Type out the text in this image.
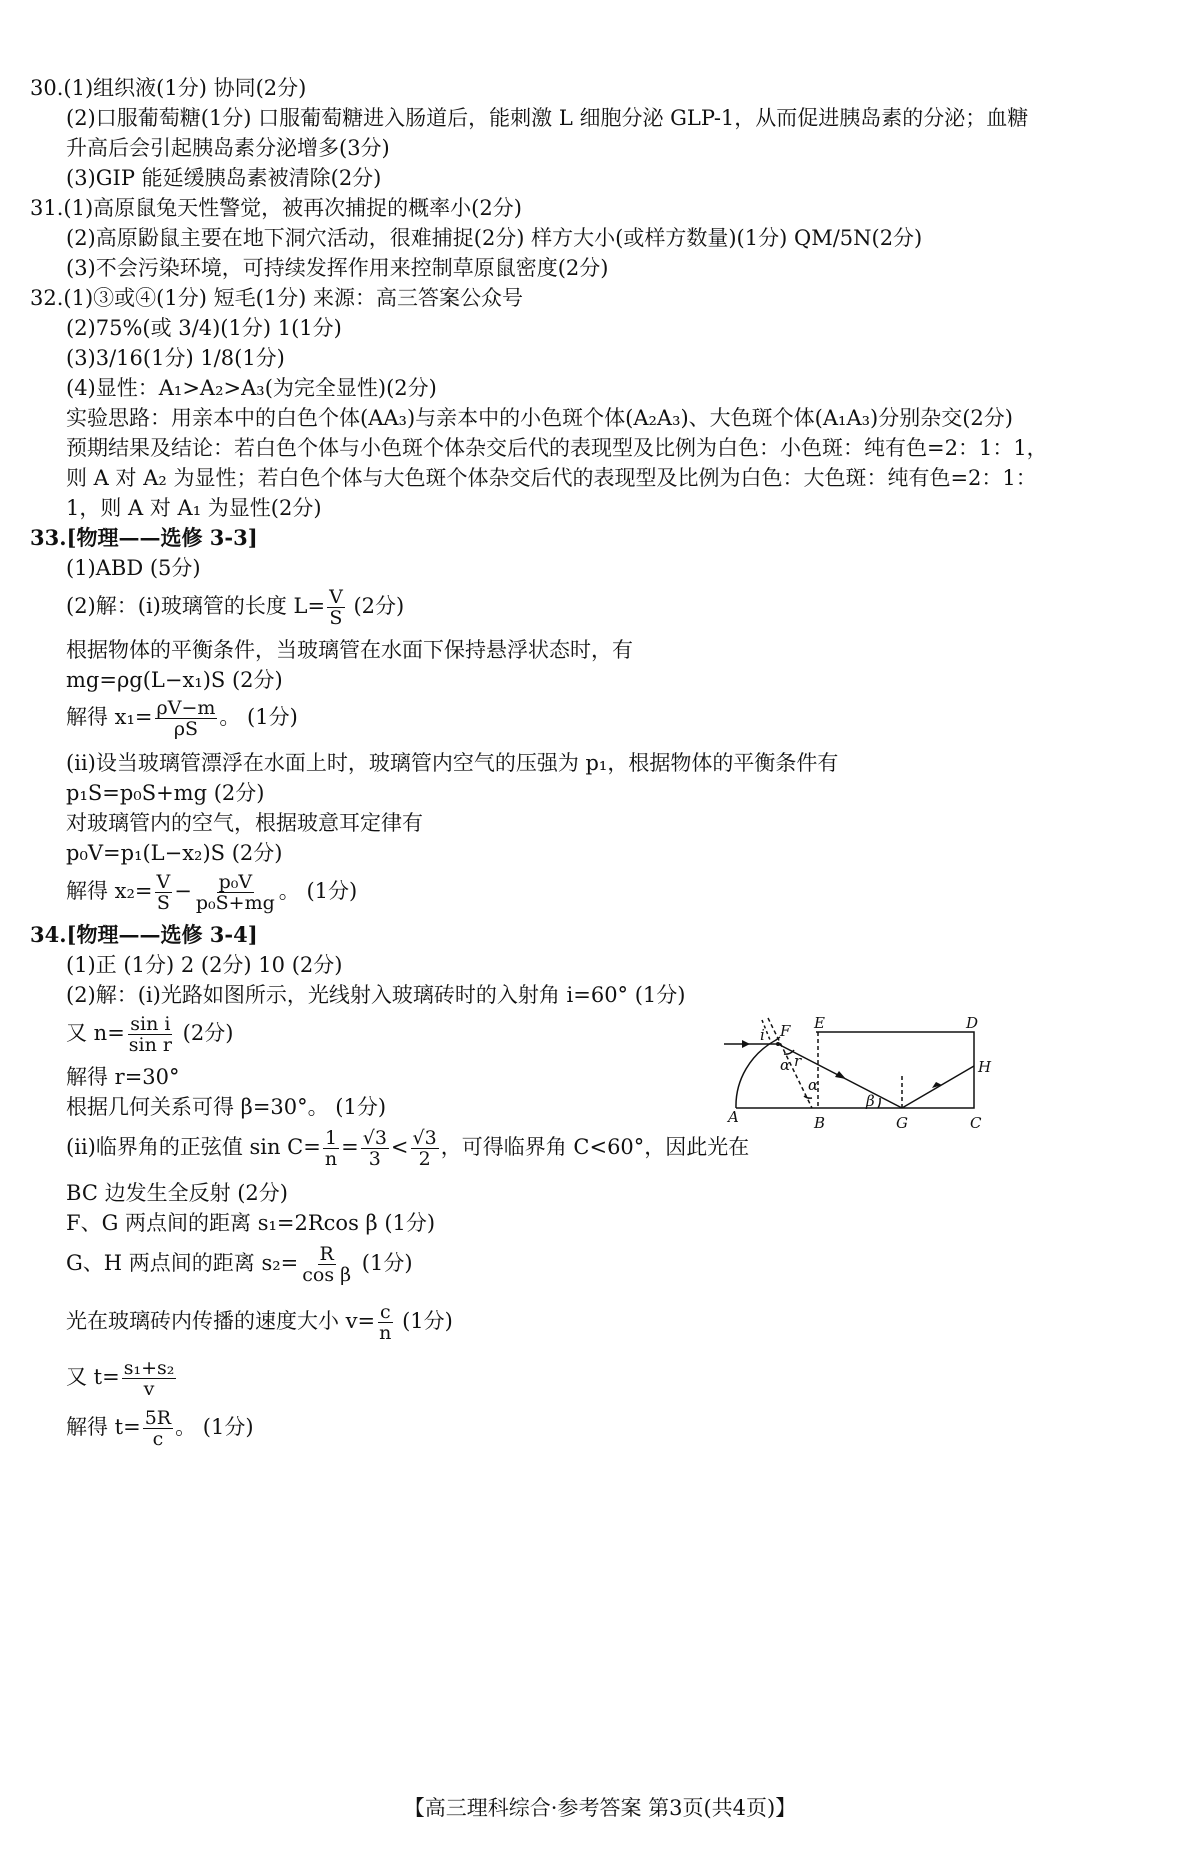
30.(1)组织液(1分) 协同(2分)
(2)口服葡萄糖(1分) 口服葡萄糖进入肠道后，能刺激 L 细胞分泌 GLP-1，从而促进胰岛素的分泌；血糖
升高后会引起胰岛素分泌增多(3分)
(3)GIP 能延缓胰岛素被清除(2分)
31.(1)高原鼠兔天性警觉，被再次捕捉的概率小(2分)
(2)高原鼢鼠主要在地下洞穴活动，很难捕捉(2分) 样方大小(或样方数量)(1分) QM/5N(2分)
(3)不会污染环境，可持续发挥作用来控制草原鼠密度(2分)
32.(1)③或④(1分) 短毛(1分) 来源：高三答案公众号
(2)75%(或 3/4)(1分) 1(1分)
(3)3/16(1分) 1/8(1分)
(4)显性：A₁>A₂>A₃(为完全显性)(2分)
实验思路：用亲本中的白色个体(AA₃)与亲本中的小色斑个体(A₂A₃)、大色斑个体(A₁A₃)分别杂交(2分)
预期结果及结论：若白色个体与小色斑个体杂交后代的表现型及比例为白色：小色斑：纯有色=2：1：1，
则 A 对 A₂ 为显性；若白色个体与大色斑个体杂交后代的表现型及比例为白色：大色斑：纯有色=2：1：
1，则 A 对 A₁ 为显性(2分)
33.[物理——选修 3-3]
(1)ABD (5分)
(2)解：(ⅰ)玻璃管的长度 $L= \frac{V}{S} (2$分)
根据物体的平衡条件，当玻璃管在水面下保持悬浮状态时，有
mg=ρg(L−x₁)S (2分)
解得 $x_1= \frac{\rho V-m}{\rho S}$ 。 (1分)
(ⅱ)设当玻璃管漂浮在水面上时，玻璃管内空气的压强为 p₁，根据物体的平衡条件有
p₁S=p₀S+mg (2分)
对玻璃管内的空气，根据玻意耳定律有
p₀V=p₁(L−x₂)S (2分)
解得 $x_2= \frac{V}{S} - \frac{\text{p₀V}}{\text{p₀S+mg}}$ 。 (1分)
34.[物理——选修 3-4]
(1)正 (1分) 2 (2分) 10 (2分)
(2)解：(ⅰ)光路如图所示，光线射入玻璃砖时的入射角 i=60° (1分)
又 $n= \frac{\text{sin i}}{\text{sin r}} (2$分)
解得 r=30°
根据几何关系可得 β=30°。 (1分)
(ⅱ)临界角的正弦值 $\sin C= \frac{1}{n} = \frac{√3}{3} < \frac{√3}{2}$ ，可得临界角 C<60°，因此光在
BC 边发生全反射 (2分)
F、G 两点间的距离 s₁=2Rcos β (1分)
G、H 两点间的距离 $s_2= \frac{R}{\text{cos β}} (1$分)
光在玻璃砖内传播的速度大小 $v= \frac{c}{n} (1$分)
又 $t= \frac{\text{s₁+s₂}}{v}$
解得 $t= \frac{5R}{c}$ 。 (1分)
A	B	C
D
E
F
G
H
i
α r
α
β
【高三理科综合·参考答案 第3页(共4页)】
